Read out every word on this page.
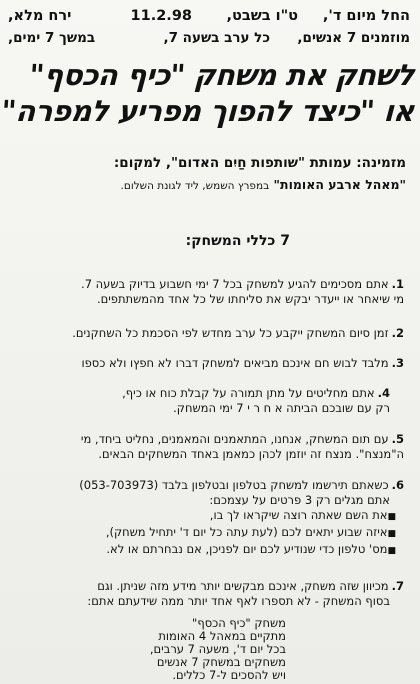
החל מיום ד',
ט"ו בשבט,
11.2.98
ירח מלא,
מוזמנים 7 אנשים,
כל ערב בשעה 7,
במשך 7 ימים,
לשחק את משחק "כיף הכסף"
או "כיצד להפוך מפריע למפרה"
מזמינה: עמותת "שותפות חַיִם האדום", למקום:
"מאהל ארבע האומות" במפרץ השמש, ליד לגונת השלום.
7 כללי המשחק:
1.אתם מסכימים להגיע למשחק בכל 7 ימי חשבוע בדיוק בשעה 7.
מי שיאחר או ייעדר יבקש את סליחתו של כל אחד מהמשתתפים.
2.זמן סיום המשחק ייקבע כל ערב מחדש לפי הסכמת כל השחקנים.
3.מלבד לבוש חם אינכם מביאים למשחק דברו לא חפץו ולא כספו
4.אתם מחליטים על מתן תמורה על קבלת כוח או כיף,
רק עם שובכם הביתה א ח ר י 7 ימי המשחק.
5.עם תום המשחק, אנחנו, המתאמנים והמאמנים, נחליט ביחד, מי
ה"מנצח". מנצח זה יוזמן לכהן כמאמן באחד המשחקים הבאים.
6.כשאתם תירשמו למשחק בטלפון ובטלפון בלבד (053-703973)
אתם מגלים רק 3 פרטים על עצמכם:
■ את השם שאתה רוצה שיקראו לך בו,
■ איזה שבוע יתאים לכם (לעת עתה כל יום ד' יתחיל משחק),
■ מס' טלפון כדי שנודיע לכם יום לפניכן, אם נבחרתם או לא.
7.מכיוון שזה משחק, אינכם מבקשים יותר מידע מזה שניתן. וגם
בסוף המשחק - לא תספרו לאף אחד יותר ממה שידעתם אתם:
משחק "כיף הכסף"
מתקיים במאהל 4 האומות
בכל יום ד', משעה 7 ערבים,
משחקים במשחק 7 אנשים
ויש להסכים ל-7 כללים.
